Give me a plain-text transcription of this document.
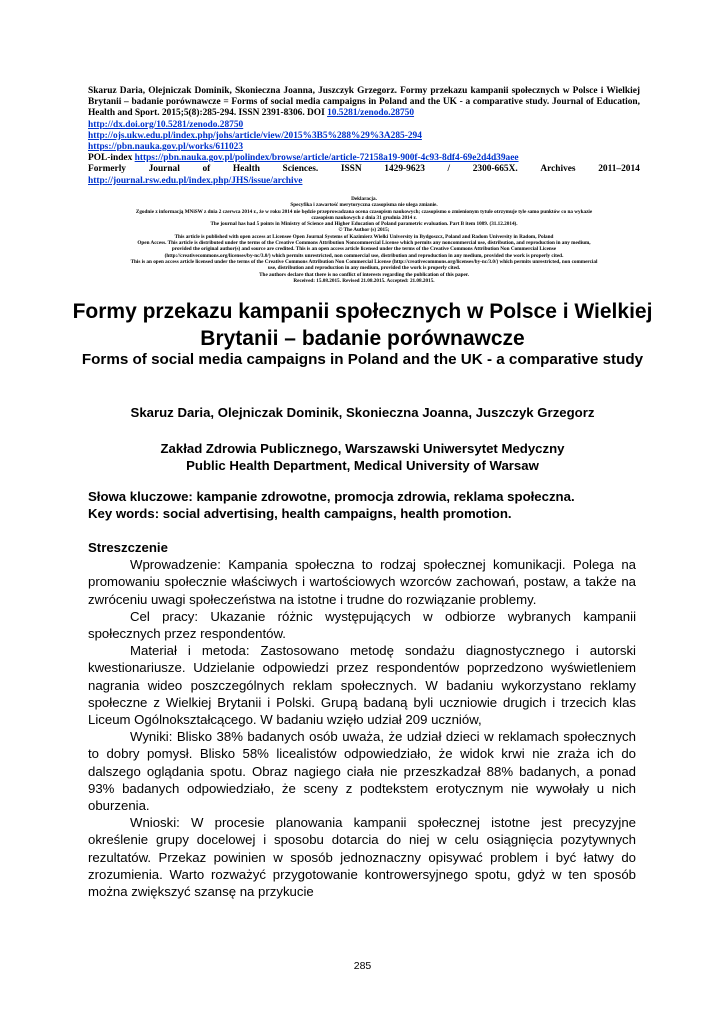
Skaruz Daria, Olejniczak Dominik, Skonieczna Joanna, Juszczyk Grzegorz. Formy przekazu kampanii społecznych w Polsce i Wielkiej Brytanii – badanie porównawcze = Forms of social media campaigns in Poland and the UK - a comparative study. Journal of Education, Health and Sport. 2015;5(8):285-294. ISSN 2391-8306. DOI 10.5281/zenodo.28750

http://dx.doi.org/10.5281/zenodo.28750

http://ojs.ukw.edu.pl/index.php/johs/article/view/2015%3B5%288%29%3A285-294

https://pbn.nauka.gov.pl/works/611023

POL-index https://pbn.nauka.gov.pl/polindex/browse/article/article-72158a19-900f-4c93-8df4-69e2d4d39aee

Formerly Journal of Health Sciences. ISSN 1429-9623 / 2300-665X. Archives 2011–2014

http://journal.rsw.edu.pl/index.php/JHS/issue/archive

Deklaracja.
Specyfika i zawartość merytoryczna czasopisma nie ulega zmianie.
Zgodnie z informacją MNiSW z dnia 2 czerwca 2014 r., że w roku 2014 nie będzie przeprowadzana ocena czasopism naukowych; czasopismo o zmienionym tytule otrzymuje tyle samo punktów co na wykazie
czasopism naukowych z dnia 31 grudnia 2014 r.
The journal has had 5 points in Ministry of Science and Higher Education of Poland parametric evaluation. Part B item 1089. (31.12.2014).
© The Author (s) 2015;
This article is published with open access at Licensee Open Journal Systems of Kazimierz Wielki University in Bydgoszcz, Poland and Radom University in Radom, Poland
Open Access. This article is distributed under the terms of the Creative Commons Attribution Noncommercial License which permits any noncommercial use, distribution, and reproduction in any medium,
provided the original author(s) and source are credited. This is an open access article licensed under the terms of the Creative Commons Attribution Non Commercial License
(http://creativecommons.org/licenses/by-nc/3.0/) which permits unrestricted, non commercial use, distribution and reproduction in any medium, provided the work is properly cited.
This is an open access article licensed under the terms of the Creative Commons Attribution Non Commercial License (http://creativecommons.org/licenses/by-nc/3.0/) which permits unrestricted, non commercial
use, distribution and reproduction in any medium, provided the work is properly cited.
The authors declare that there is no conflict of interests regarding the publication of this paper.
Received: 15.08.2015. Revised 21.08.2015. Accepted: 21.08.2015.
Formy przekazu kampanii społecznych w Polsce i Wielkiej Brytanii – badanie porównawcze
Forms of social media campaigns in Poland and the UK - a comparative study
Skaruz Daria, Olejniczak Dominik, Skonieczna Joanna, Juszczyk Grzegorz
Zakład Zdrowia Publicznego, Warszawski Uniwersytet Medyczny
Public Health Department, Medical University of Warsaw
Słowa kluczowe: kampanie zdrowotne, promocja zdrowia, reklama społeczna.
Key words: social advertising, health campaigns, health promotion.
Streszczenie

Wprowadzenie: Kampania społeczna to rodzaj społecznej komunikacji. Polega na promowaniu społecznie właściwych i wartościowych wzorców zachowań, postaw, a także na zwróceniu uwagi społeczeństwa na istotne i trudne do rozwiązanie problemy.

Cel pracy: Ukazanie różnic występujących w odbiorze wybranych kampanii społecznych przez respondentów.

Materiał i metoda: Zastosowano metodę sondażu diagnostycznego i autorski kwestionariusze. Udzielanie odpowiedzi przez respondentów poprzedzono wyświetleniem nagrania wideo poszczególnych reklam społecznych. W badaniu wykorzystano reklamy społeczne z Wielkiej Brytanii i Polski. Grupą badaną byli uczniowie drugich i trzecich klas Liceum Ogólnokształcącego. W badaniu wzięło udział 209 uczniów,

Wyniki: Blisko 38% badanych osób uważa, że udział dzieci w reklamach społecznych to dobry pomysł. Blisko 58% licealistów odpowiedziało, że widok krwi nie zraża ich do dalszego oglądania spotu. Obraz nagiego ciała nie przeszkadzał 88% badanych, a ponad 93% badanych odpowiedziało, że sceny z podtekstem erotycznym nie wywołały u nich oburzenia.

Wnioski: W procesie planowania kampanii społecznej istotne jest precyzyjne określenie grupy docelowej i sposobu dotarcia do niej w celu osiągnięcia pozytywnych rezultatów. Przekaz powinien w sposób jednoznaczny opisywać problem i być łatwy do zrozumienia. Warto rozważyć przygotowanie kontrowersyjnego spotu, gdyż w ten sposób można zwiększyć szansę na przykucie

285
